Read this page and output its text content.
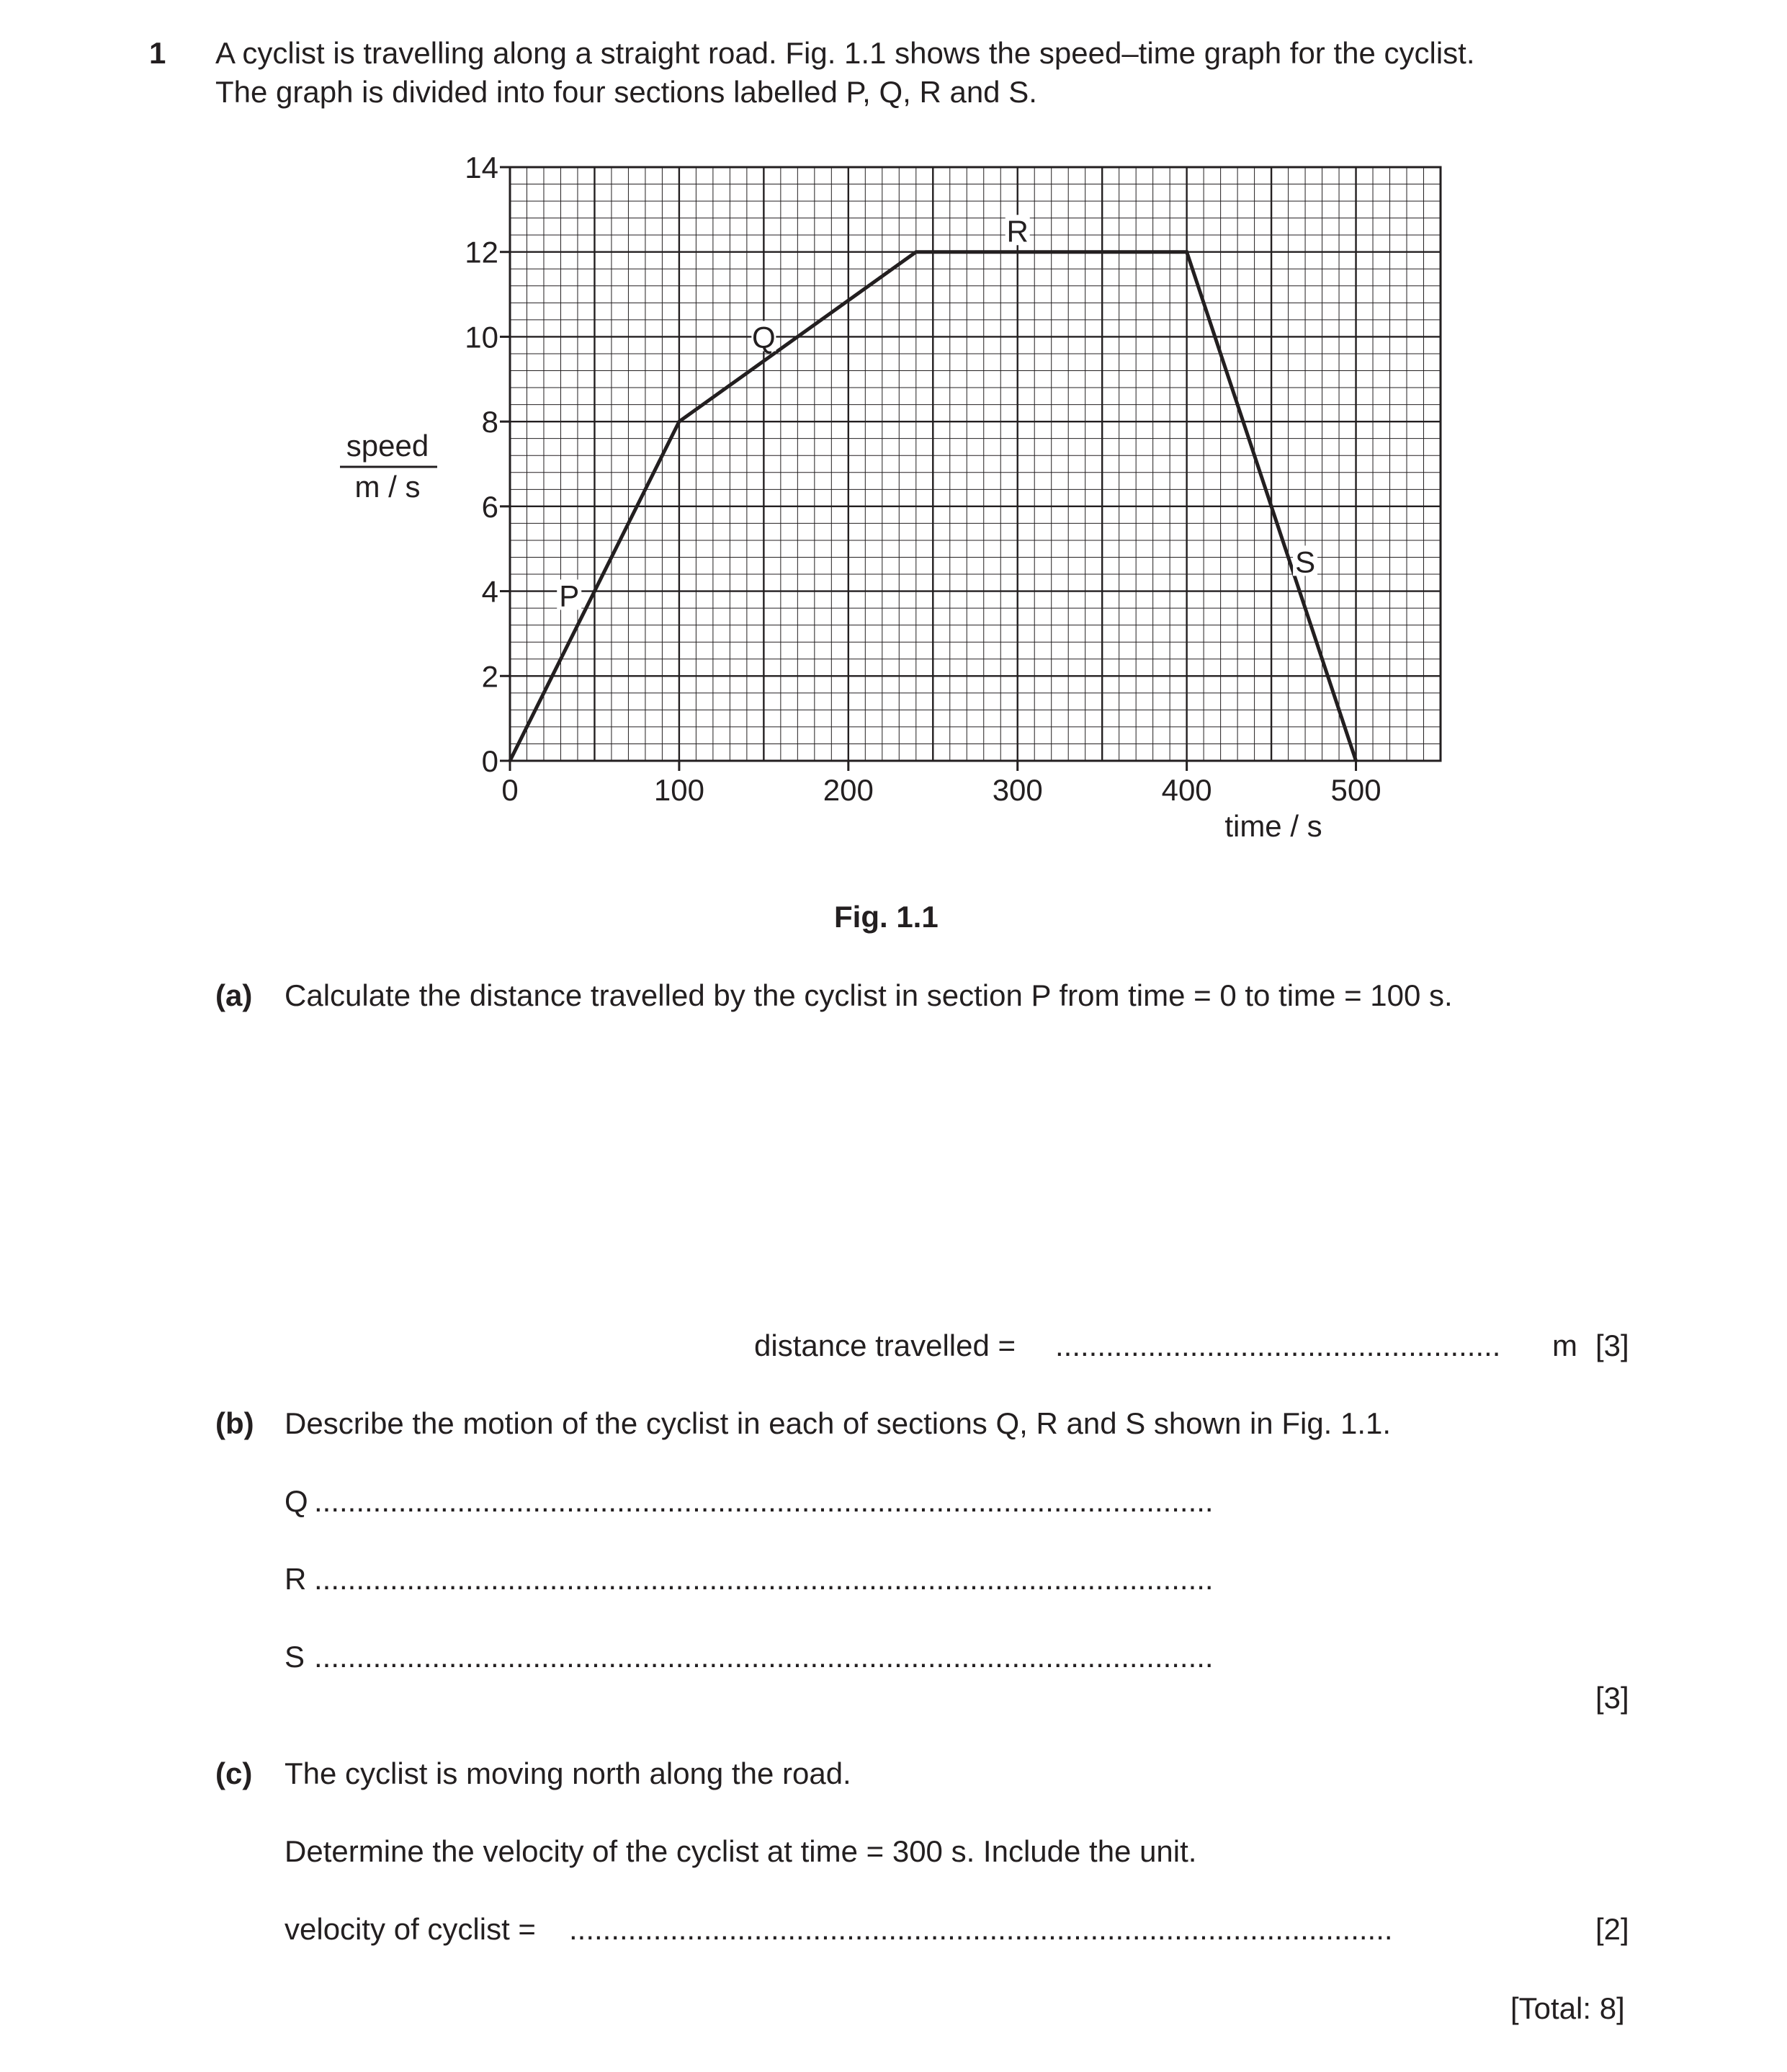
1 A cyclist is travelling along a straight road. Fig. 1.1 shows the speed–time graph for the cyclist.
The graph is divided into four sections labelled P, Q, R and S.
0
2
4
6
8
10
12
14
0	100	200	300	400	500
P
Q
R
S
speed
m / s
time / s
Fig. 1.1
(a) Calculate the distance travelled by the cyclist in section P from time = 0 to time = 100 s.
distance travelled = ..................................................... m [3]
(b) Describe the motion of the cyclist in each of sections Q, R and S shown in Fig. 1.1.
Q ...........................................................................................................
R ...........................................................................................................
S ...........................................................................................................
[3]
(c) The cyclist is moving north along the road.
Determine the velocity of the cyclist at time = 300 s. Include the unit.
velocity of cyclist = ..................................................................................................	[2]
[Total: 8]
